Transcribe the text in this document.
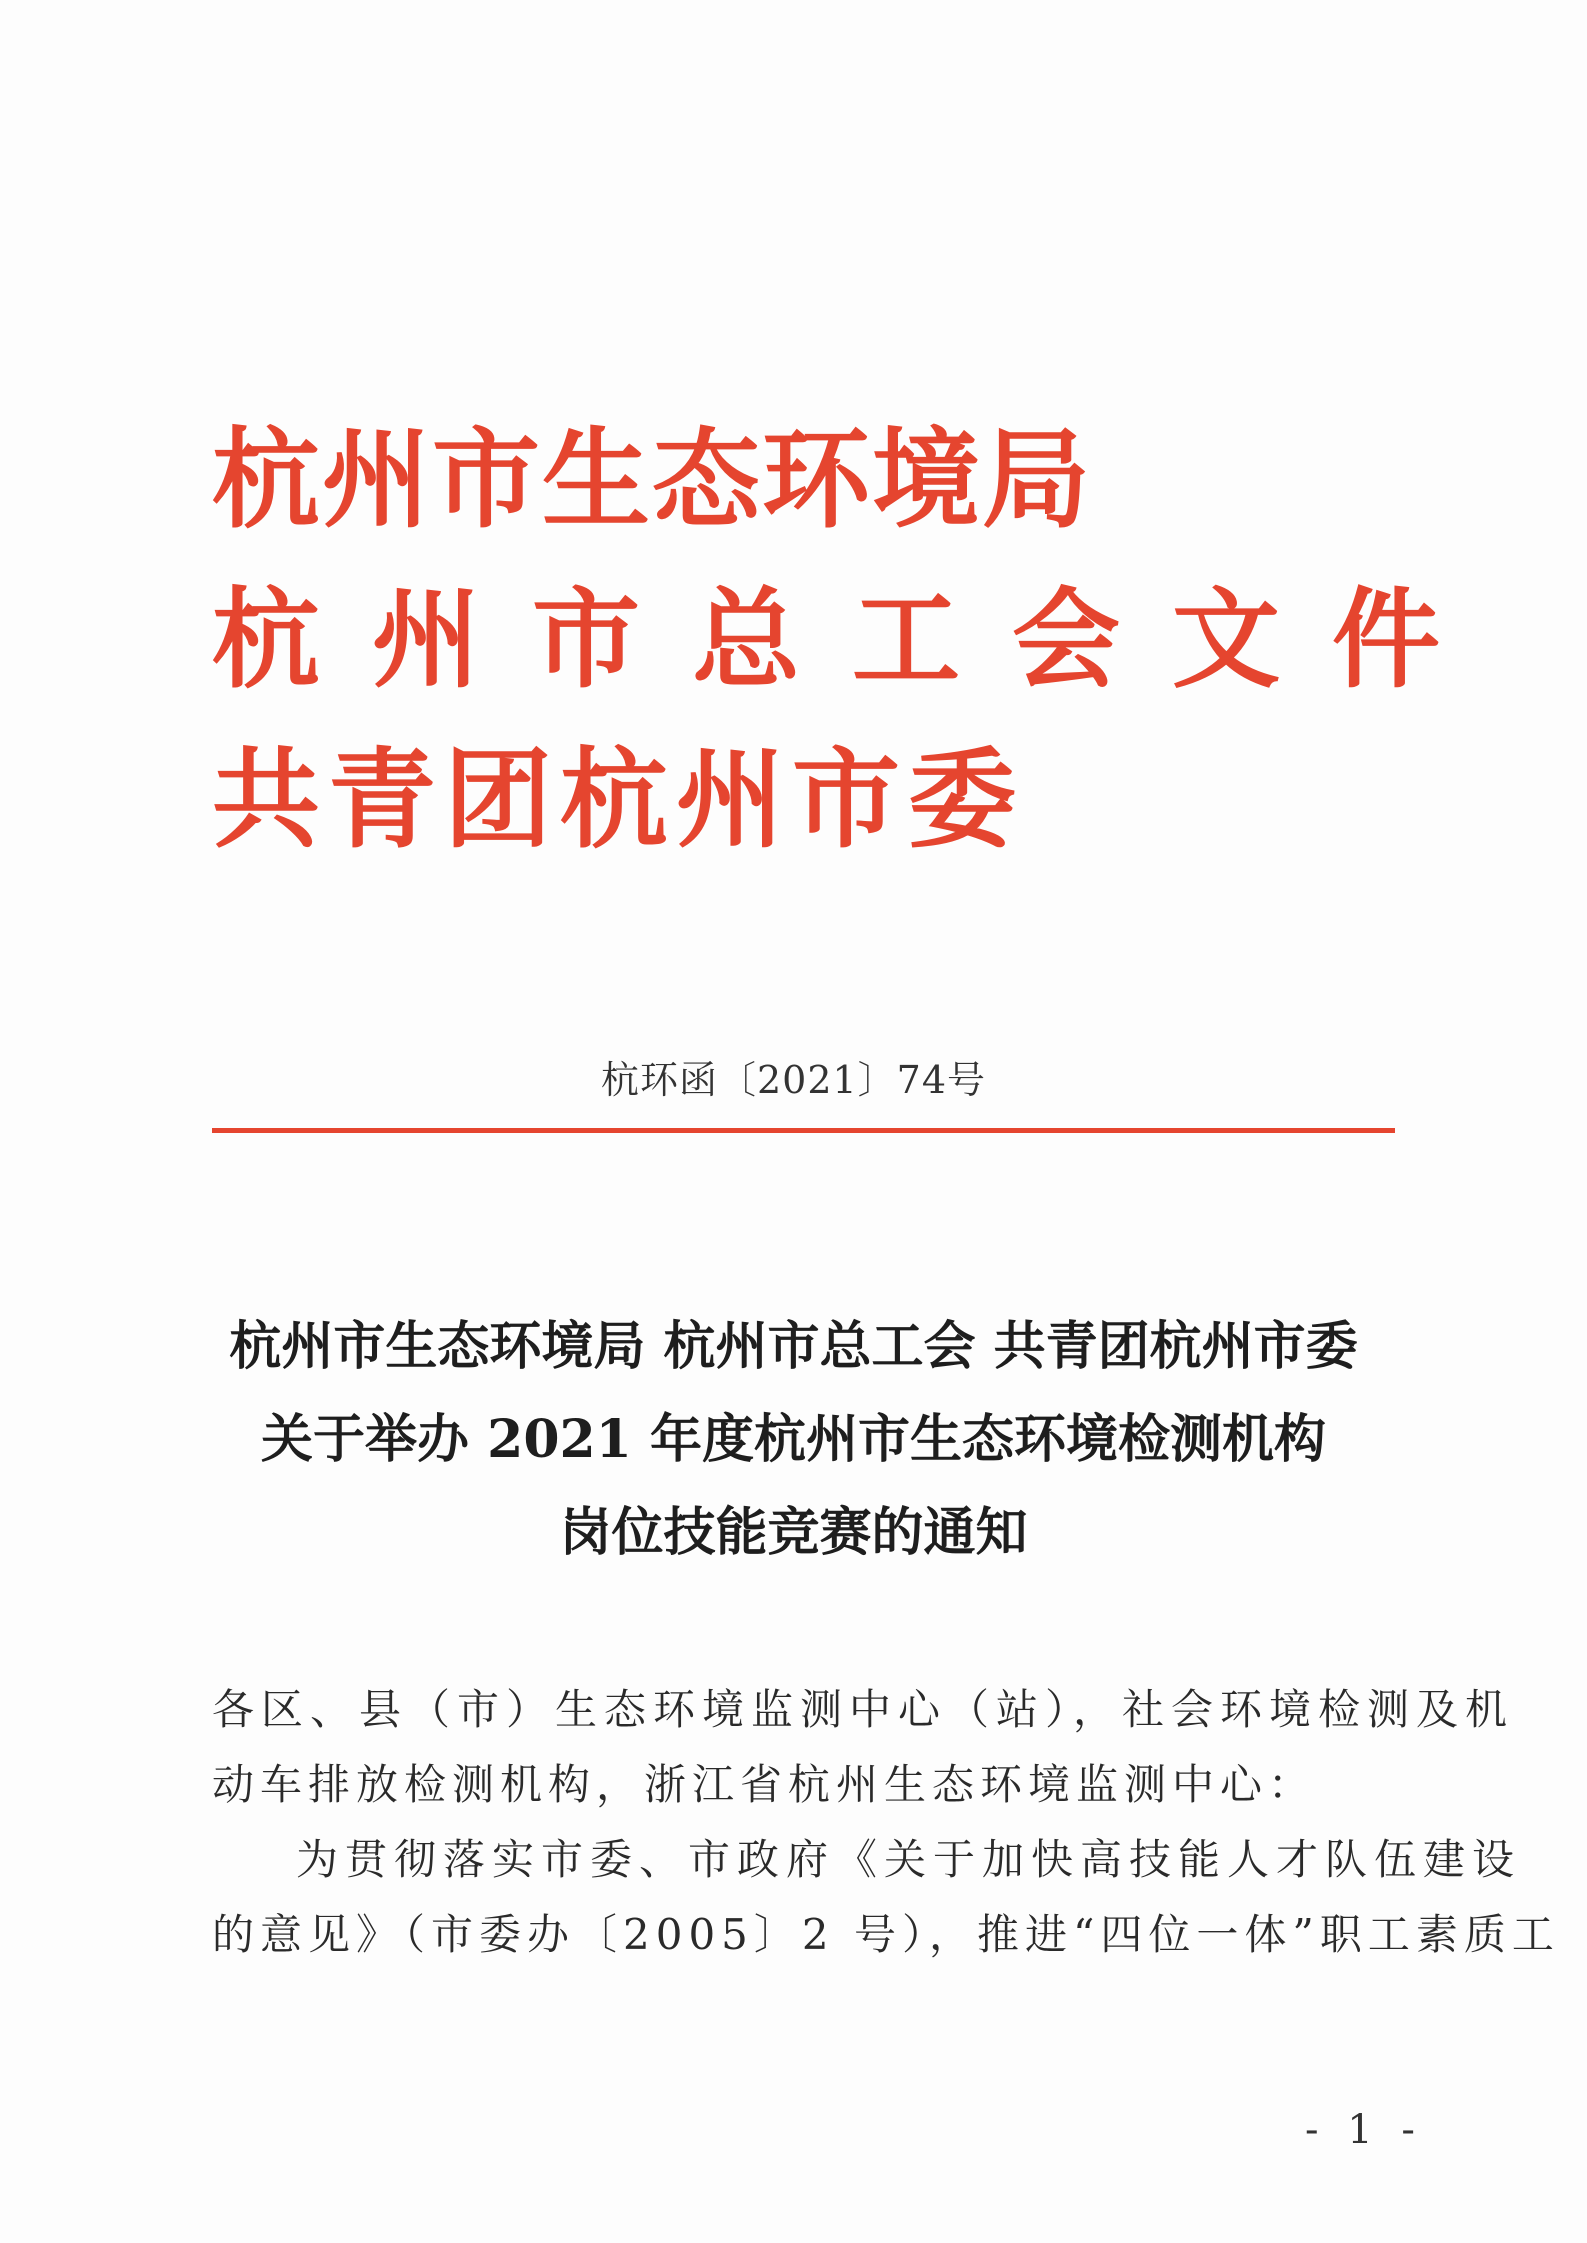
杭州市生态环境局
杭州市总工会文件
共青团杭州市委
杭环函〔2021〕74号
杭州市生态环境局 杭州市总工会 共青团杭州市委
关于举办 2021 年度杭州市生态环境检测机构
岗位技能竞赛的通知
各区、县（市）生态环境监测中心（站），社会环境检测及机
动车排放检测机构，浙江省杭州生态环境监测中心：
为贯彻落实市委、市政府《关于加快高技能人才队伍建设
的意见》（市委办〔2005〕2 号），推进“四位一体”职工素质工
- 1 -
